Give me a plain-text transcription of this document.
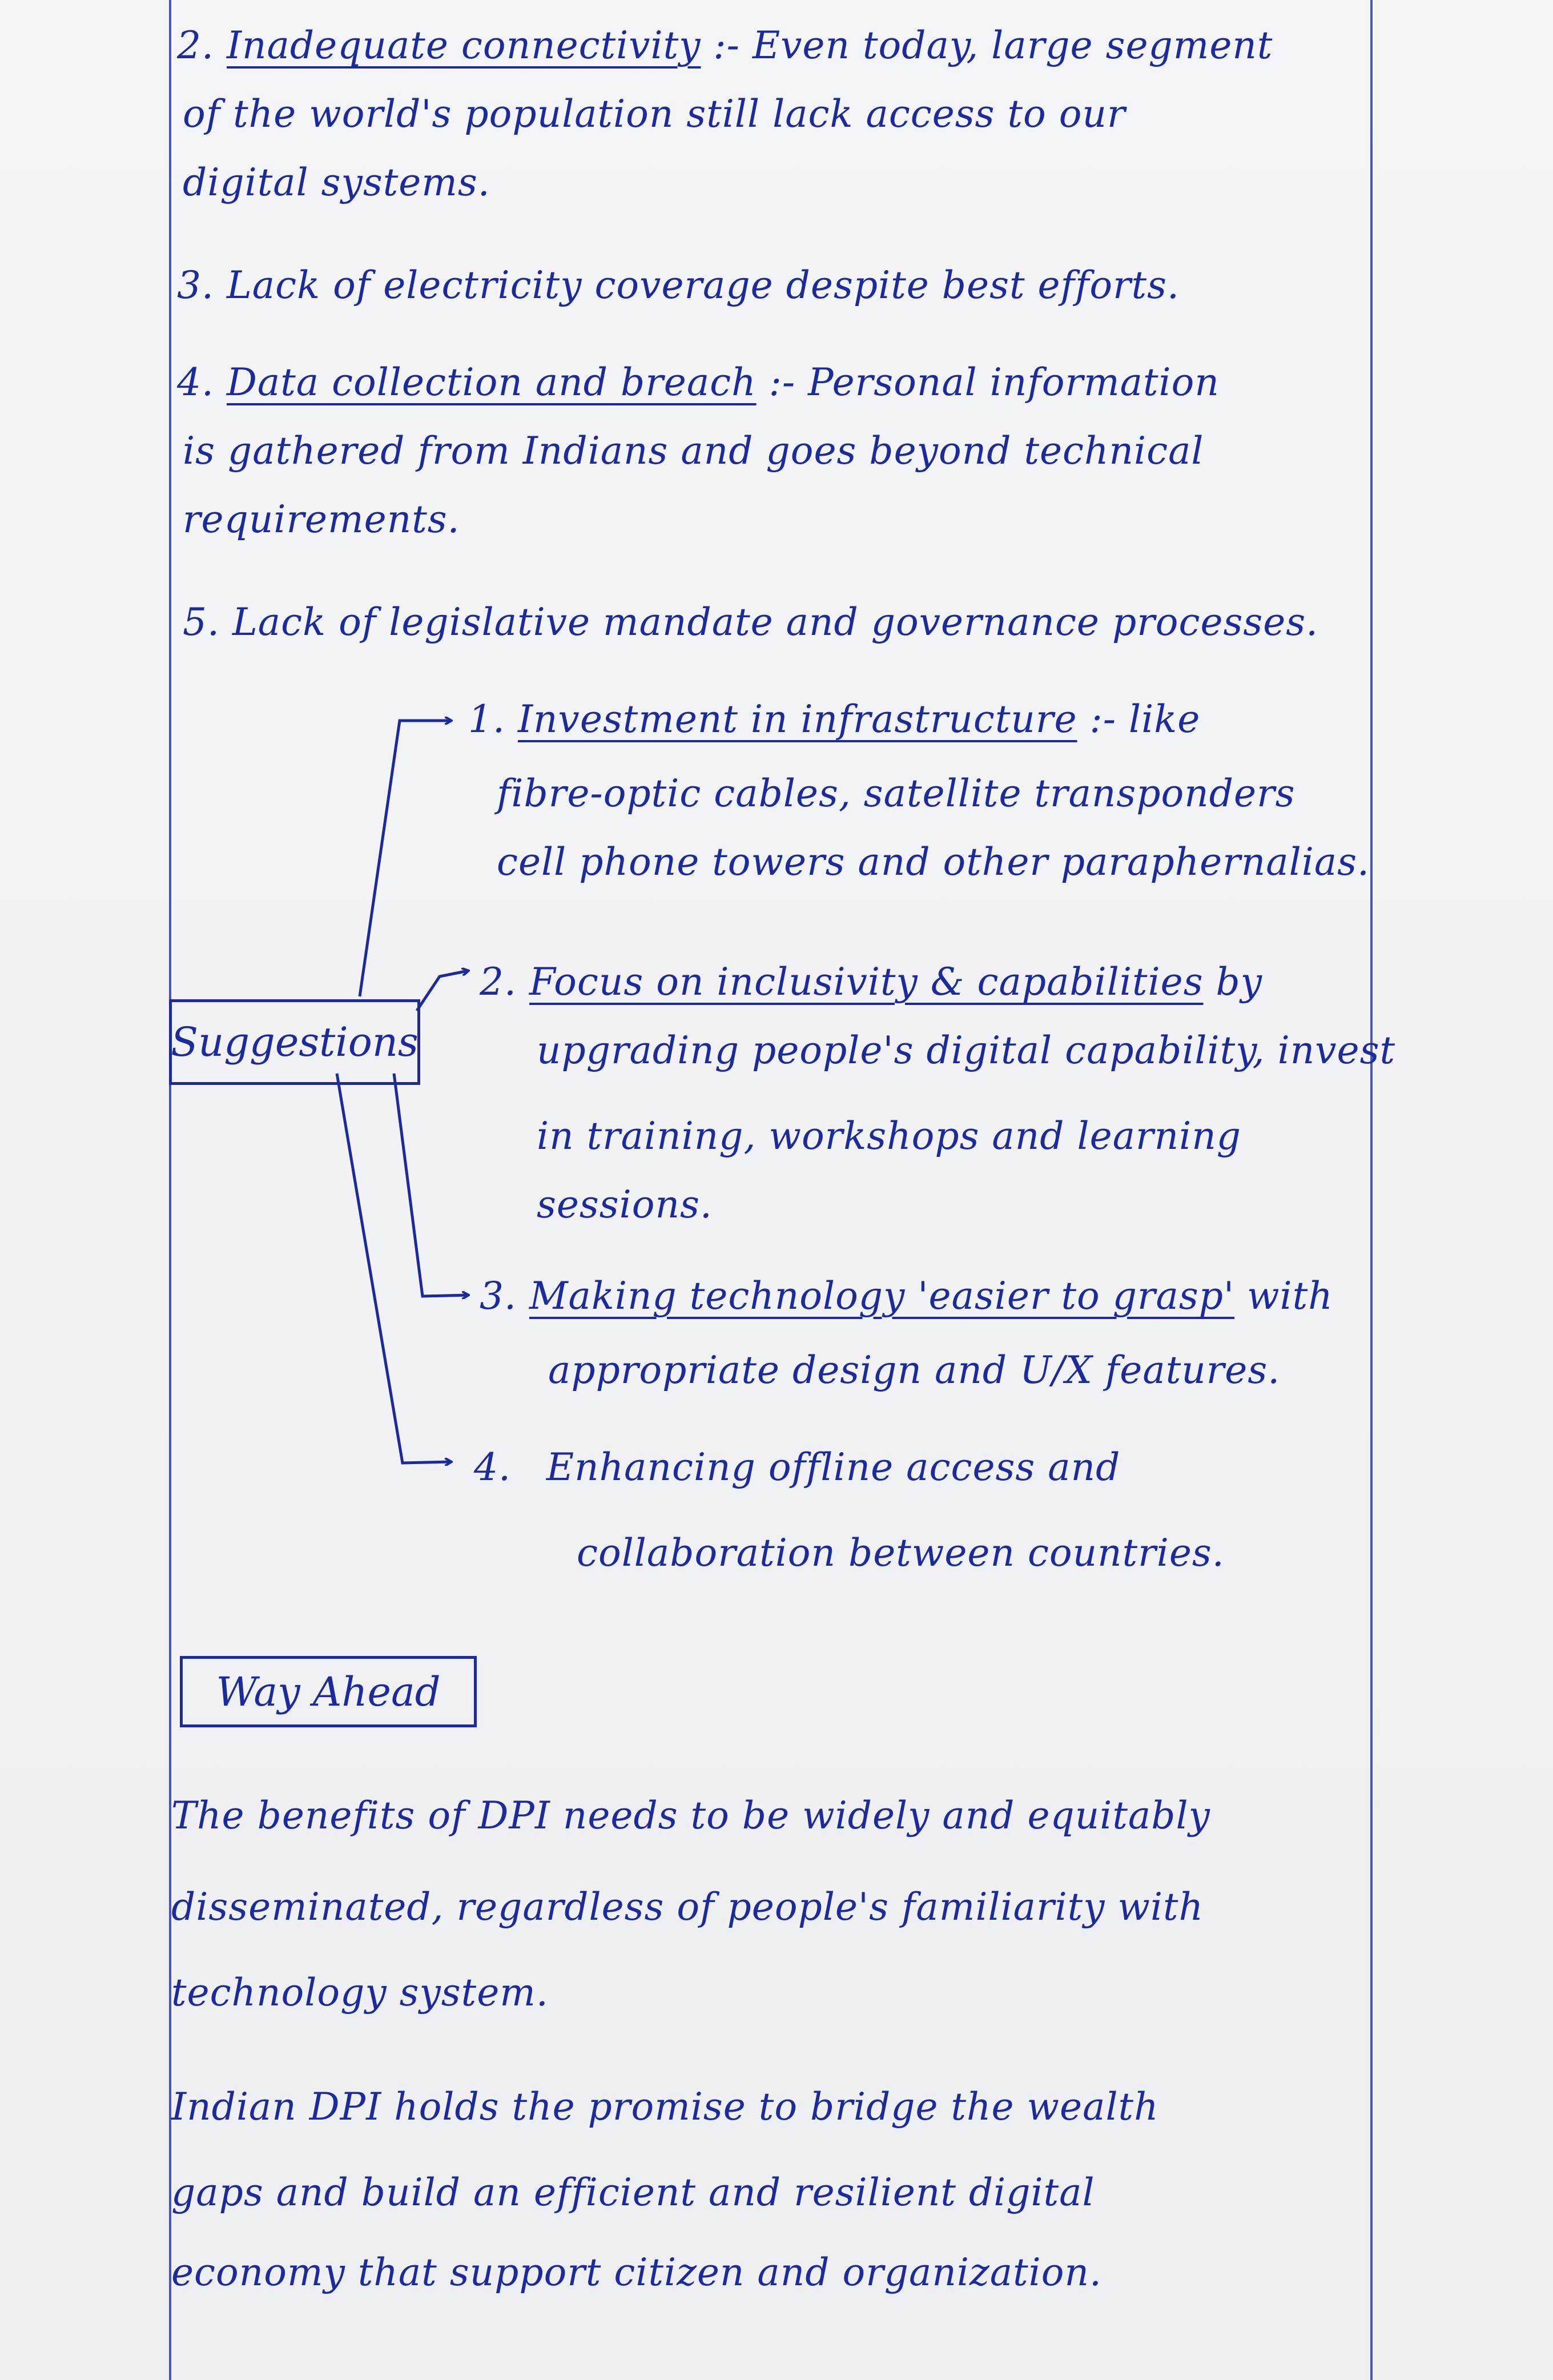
2. Inadequate connectivity :- Even today, large segment
of the world's population still lack access to our
digital systems.
3. Lack of electricity coverage despite best efforts.
4. Data collection and breach :- Personal information
is gathered from Indians and goes beyond technical
requirements.
5. Lack of legislative mandate and governance processes.
Suggestions
1. Investment in infrastructure :- like
fibre-optic cables, satellite transponders
cell phone towers and other paraphernalias.
2. Focus on inclusivity & capabilities by
upgrading people's digital capability, invest
in training, workshops and learning
sessions.
3. Making technology 'easier to grasp' with
appropriate design and U/X features.
4. Enhancing offline access and
collaboration between countries.
Way Ahead
The benefits of DPI needs to be widely and equitably
disseminated, regardless of people's familiarity with
technology system.
Indian DPI holds the promise to bridge the wealth
gaps and build an efficient and resilient digital
economy that support citizen and organization.
